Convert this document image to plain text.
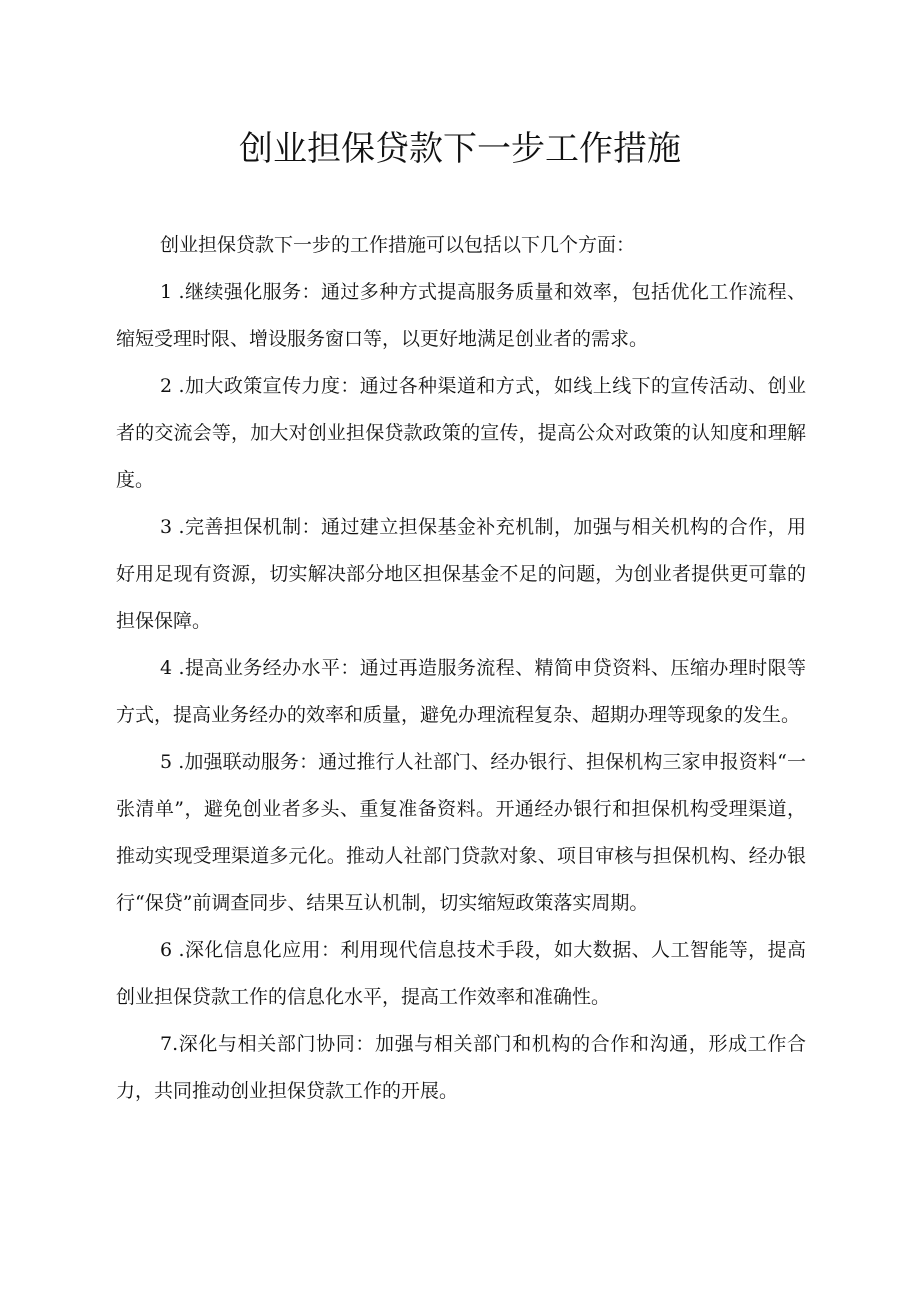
创业担保贷款下一步工作措施

创业担保贷款下一步的工作措施可以包括以下几个方面：

1 .继续强化服务：通过多种方式提高服务质量和效率，包括优化工作流程、缩短受理时限、增设服务窗口等，以更好地满足创业者的需求。

2 .加大政策宣传力度：通过各种渠道和方式，如线上线下的宣传活动、创业者的交流会等，加大对创业担保贷款政策的宣传，提高公众对政策的认知度和理解度。

3 .完善担保机制：通过建立担保基金补充机制，加强与相关机构的合作，用好用足现有资源，切实解决部分地区担保基金不足的问题，为创业者提供更可靠的担保保障。

4 .提高业务经办水平：通过再造服务流程、精简申贷资料、压缩办理时限等方式，提高业务经办的效率和质量，避免办理流程复杂、超期办理等现象的发生。

5 .加强联动服务：通过推行人社部门、经办银行、担保机构三家申报资料“一张清单”，避免创业者多头、重复准备资料。开通经办银行和担保机构受理渠道，推动实现受理渠道多元化。推动人社部门贷款对象、项目审核与担保机构、经办银行“保贷”前调查同步、结果互认机制，切实缩短政策落实周期。

6 .深化信息化应用：利用现代信息技术手段，如大数据、人工智能等，提高创业担保贷款工作的信息化水平，提高工作效率和准确性。

7.深化与相关部门协同：加强与相关部门和机构的合作和沟通，形成工作合力，共同推动创业担保贷款工作的开展。
